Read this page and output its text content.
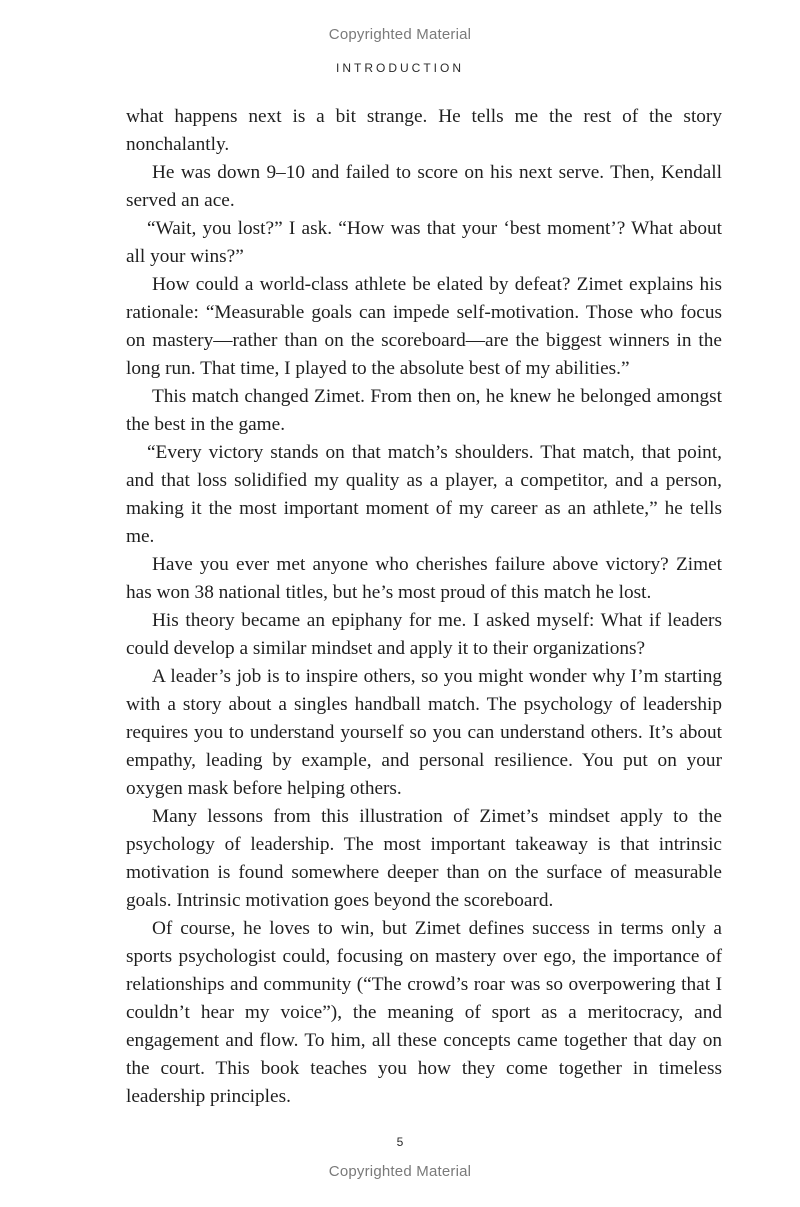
Copyrighted Material
INTRODUCTION

what happens next is a bit strange. He tells me the rest of the story nonchalantly.

He was down 9–10 and failed to score on his next serve. Then, Kendall served an ace.

“Wait, you lost?” I ask. “How was that your ‘best moment’? What about all your wins?”

How could a world-class athlete be elated by defeat? Zimet explains his rationale: “Measurable goals can impede self-motivation. Those who focus on mastery—rather than on the scoreboard—are the biggest winners in the long run. That time, I played to the absolute best of my abilities.”

This match changed Zimet. From then on, he knew he belonged amongst the best in the game.

“Every victory stands on that match’s shoulders. That match, that point, and that loss solidified my quality as a player, a competitor, and a person, making it the most important moment of my career as an athlete,” he tells me.

Have you ever met anyone who cherishes failure above victory? Zimet has won 38 national titles, but he’s most proud of this match he lost.

His theory became an epiphany for me. I asked myself: What if leaders could develop a similar mindset and apply it to their organizations?

A leader’s job is to inspire others, so you might wonder why I’m starting with a story about a singles handball match. The psychology of leadership requires you to understand yourself so you can understand others. It’s about empathy, leading by example, and personal resilience. You put on your oxygen mask before helping others.

Many lessons from this illustration of Zimet’s mindset apply to the psychology of leadership. The most important takeaway is that intrinsic motivation is found somewhere deeper than on the surface of measurable goals. Intrinsic motivation goes beyond the scoreboard.

Of course, he loves to win, but Zimet defines success in terms only a sports psychologist could, focusing on mastery over ego, the importance of relationships and community (“The crowd’s roar was so overpowering that I couldn’t hear my voice”), the meaning of sport as a meritocracy, and engagement and flow. To him, all these concepts came together that day on the court. This book teaches you how they come together in timeless leadership principles.

5
Copyrighted Material
